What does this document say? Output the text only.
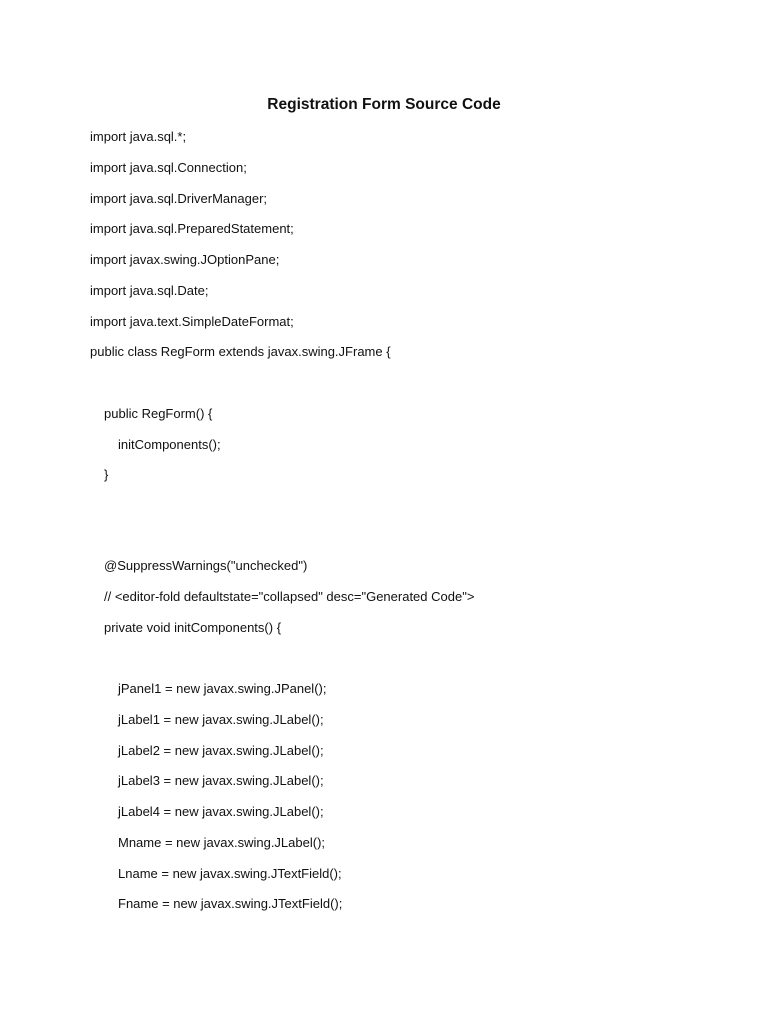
Registration Form Source Code

import java.sql.*;

import java.sql.Connection;

import java.sql.DriverManager;

import java.sql.PreparedStatement;

import javax.swing.JOptionPane;

import java.sql.Date;

import java.text.SimpleDateFormat;

public class RegForm extends javax.swing.JFrame {

public RegForm() {

initComponents();

}

@SuppressWarnings("unchecked")

// <editor-fold defaultstate="collapsed" desc="Generated Code">

private void initComponents() {

jPanel1 = new javax.swing.JPanel();

jLabel1 = new javax.swing.JLabel();

jLabel2 = new javax.swing.JLabel();

jLabel3 = new javax.swing.JLabel();

jLabel4 = new javax.swing.JLabel();

Mname = new javax.swing.JLabel();

Lname = new javax.swing.JTextField();

Fname = new javax.swing.JTextField();
